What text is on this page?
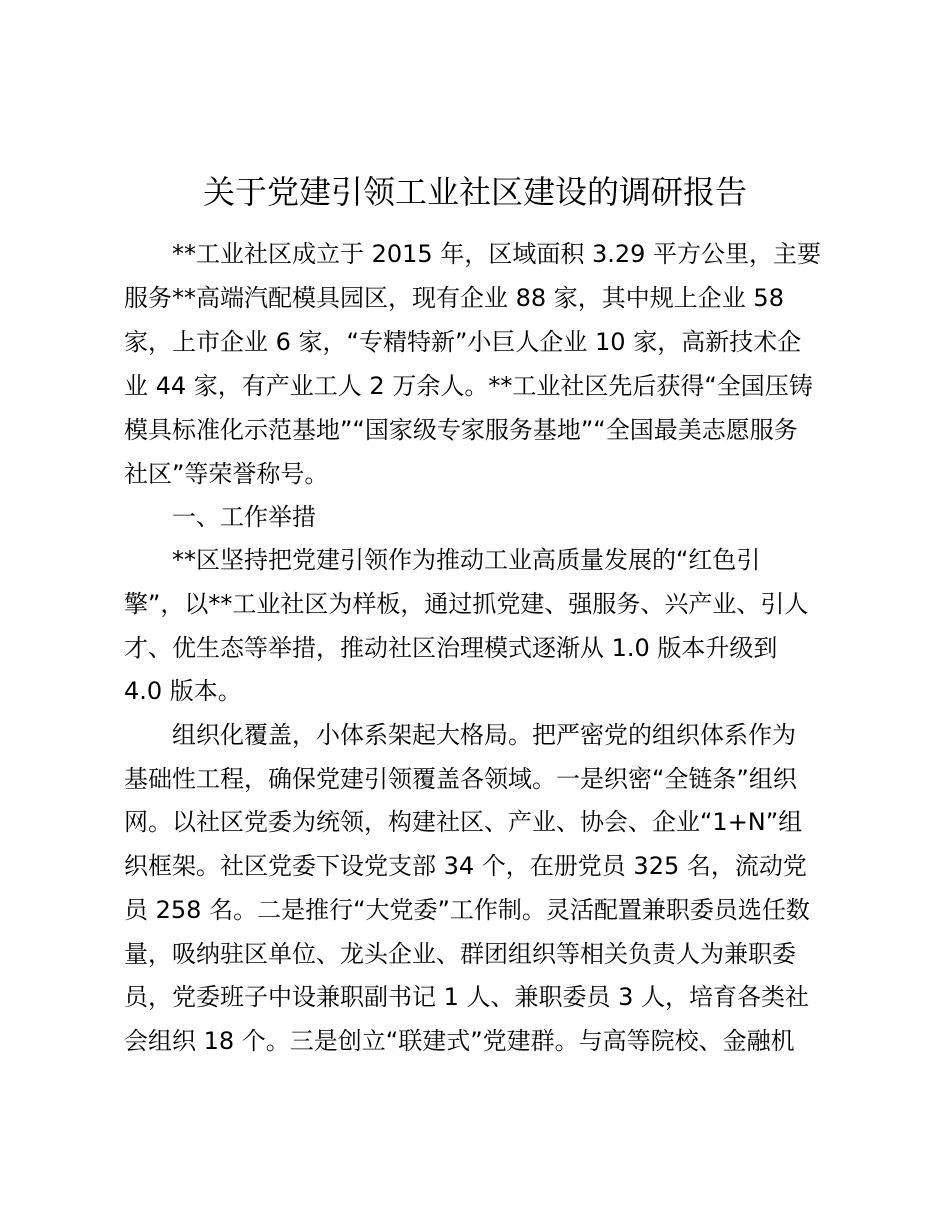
关于党建引领工业社区建设的调研报告
**工业社区成立于 2015 年，区域面积 3.29 平方公里，主要
服务**高端汽配模具园区，现有企业 88 家，其中规上企业 58
家，上市企业 6 家，“专精特新”小巨人企业 10 家，高新技术企
业 44 家，有产业工人 2 万余人。**工业社区先后获得“全国压铸
模具标准化示范基地”“国家级专家服务基地”“全国最美志愿服务
社区”等荣誉称号。
一、工作举措
**区坚持把党建引领作为推动工业高质量发展的“红色引
擎”，以**工业社区为样板，通过抓党建、强服务、兴产业、引人
才、优生态等举措，推动社区治理模式逐渐从 1.0 版本升级到
4.0 版本。
组织化覆盖，小体系架起大格局。把严密党的组织体系作为
基础性工程，确保党建引领覆盖各领域。一是织密“全链条”组织
网。以社区党委为统领，构建社区、产业、协会、企业“1+N”组
织框架。社区党委下设党支部 34 个，在册党员 325 名，流动党
员 258 名。二是推行“大党委”工作制。灵活配置兼职委员选任数
量，吸纳驻区单位、龙头企业、群团组织等相关负责人为兼职委
员，党委班子中设兼职副书记 1 人、兼职委员 3 人，培育各类社
会组织 18 个。三是创立“联建式”党建群。与高等院校、金融机
